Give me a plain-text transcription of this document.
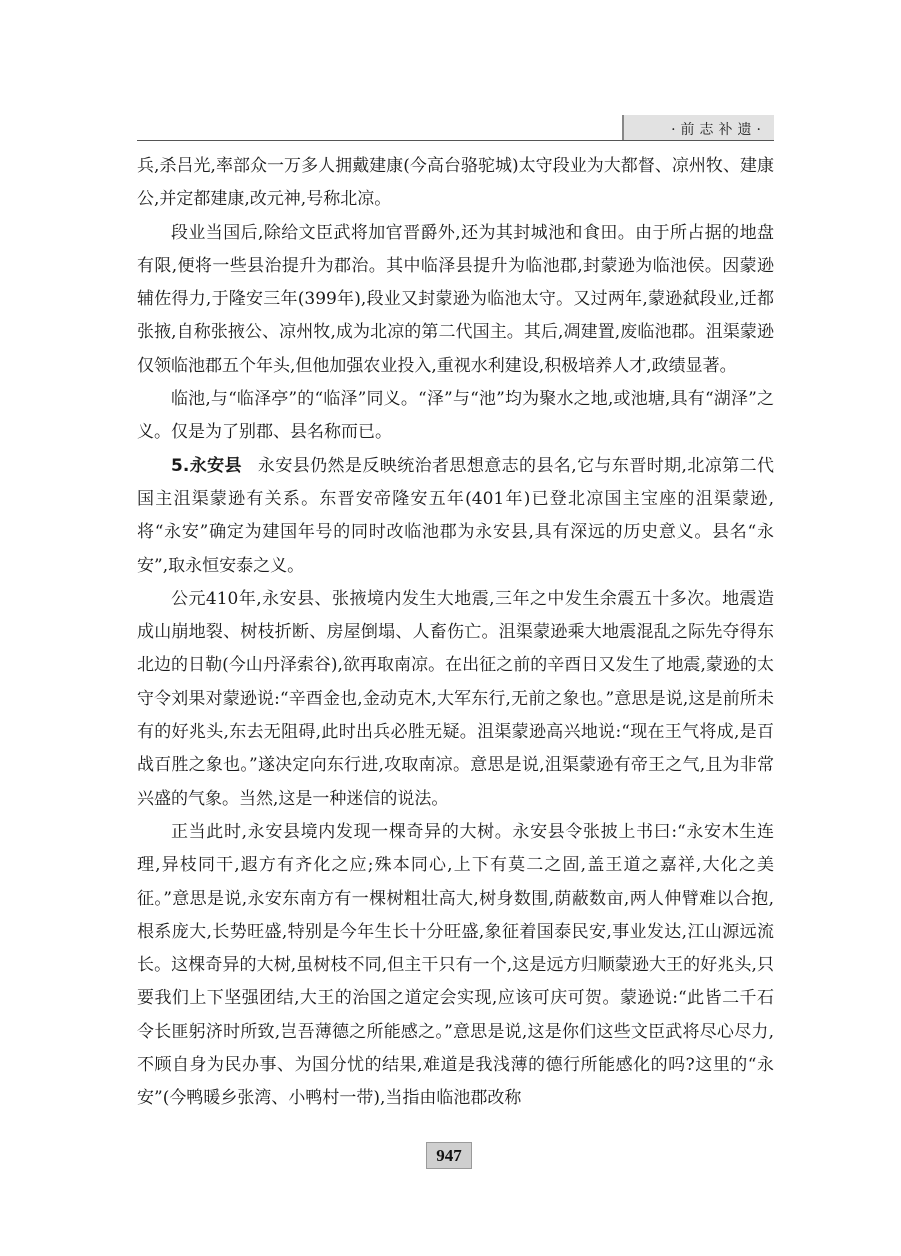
·前志补遗·

兵,杀吕光,率部众一万多人拥戴建康(今高台骆驼城)太守段业为大都督、凉州牧、建康公,并定都建康,改元神,号称北凉。

段业当国后,除给文臣武将加官晋爵外,还为其封城池和食田。由于所占据的地盘有限,便将一些县治提升为郡治。其中临泽县提升为临池郡,封蒙逊为临池侯。因蒙逊辅佐得力,于隆安三年(399年),段业又封蒙逊为临池太守。又过两年,蒙逊弑段业,迁都张掖,自称张掖公、凉州牧,成为北凉的第二代国主。其后,凋建置,废临池郡。沮渠蒙逊仅领临池郡五个年头,但他加强农业投入,重视水利建设,积极培养人才,政绩显著。

临池,与“临泽亭”的“临泽”同义。“泽”与“池”均为聚水之地,或池塘,具有“湖泽”之义。仅是为了别郡、县名称而已。

5.永安县 永安县仍然是反映统治者思想意志的县名,它与东晋时期,北凉第二代国主沮渠蒙逊有关系。东晋安帝隆安五年(401年)已登北凉国主宝座的沮渠蒙逊,将“永安”确定为建国年号的同时改临池郡为永安县,具有深远的历史意义。县名“永安”,取永恒安泰之义。

公元410年,永安县、张掖境内发生大地震,三年之中发生余震五十多次。地震造成山崩地裂、树枝折断、房屋倒塌、人畜伤亡。沮渠蒙逊乘大地震混乱之际先夺得东北边的日勒(今山丹泽索谷),欲再取南凉。在出征之前的辛酉日又发生了地震,蒙逊的太守令刘果对蒙逊说:“辛酉金也,金动克木,大军东行,无前之象也。”意思是说,这是前所未有的好兆头,东去无阻碍,此时出兵必胜无疑。沮渠蒙逊高兴地说:“现在王气将成,是百战百胜之象也。”遂决定向东行进,攻取南凉。意思是说,沮渠蒙逊有帝王之气,且为非常兴盛的气象。当然,这是一种迷信的说法。

正当此时,永安县境内发现一棵奇异的大树。永安县令张披上书曰:“永安木生连理,异枝同干,遐方有齐化之应;殊本同心,上下有莫二之固,盖王道之嘉祥,大化之美征。”意思是说,永安东南方有一棵树粗壮高大,树身数围,荫蔽数亩,两人伸臂难以合抱,根系庞大,长势旺盛,特别是今年生长十分旺盛,象征着国泰民安,事业发达,江山源远流长。这棵奇异的大树,虽树枝不同,但主干只有一个,这是远方归顺蒙逊大王的好兆头,只要我们上下坚强团结,大王的治国之道定会实现,应该可庆可贺。蒙逊说:“此皆二千石令长匪躬济时所致,岂吾薄德之所能感之。”意思是说,这是你们这些文臣武将尽心尽力,不顾自身为民办事、为国分忧的结果,难道是我浅薄的德行所能感化的吗?这里的“永安”(今鸭暖乡张湾、小鸭村一带),当指由临池郡改称

947
